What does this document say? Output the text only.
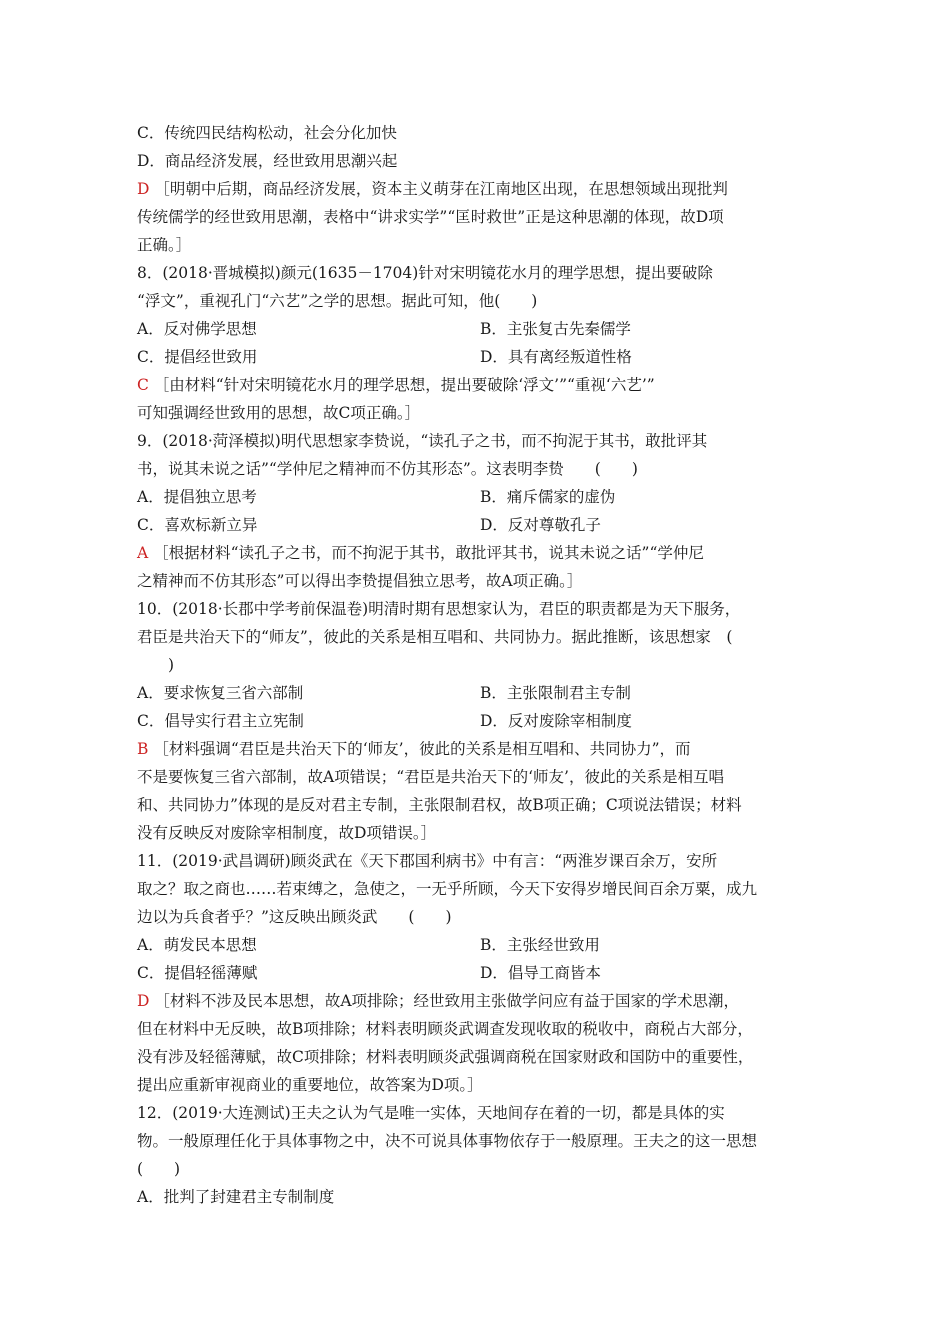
C．传统四民结构松动，社会分化加快
D．商品经济发展，经世致用思潮兴起
D ［明朝中后期，商品经济发展，资本主义萌芽在江南地区出现，在思想领域出现批判
传统儒学的经世致用思潮，表格中“讲求实学”“匡时救世”正是这种思潮的体现，故D项
正确。］
8．(2018·晋城模拟)颜元(1635－1704)针对宋明镜花水月的理学思想，提出要破除
“浮文”，重视孔门“六艺”之学的思想。据此可知，他(　　)
A．反对佛学思想	B．主张复古先秦儒学
C．提倡经世致用	D．具有离经叛道性格
C ［由材料“针对宋明镜花水月的理学思想，提出要破除‘浮文’”“重视‘六艺’”
可知强调经世致用的思想，故C项正确。］
9．(2018·菏泽模拟)明代思想家李贽说，“读孔子之书，而不拘泥于其书，敢批评其
书，说其未说之话”“学仲尼之精神而不仿其形态”。这表明李贽　　(　　)
A．提倡独立思考	B．痛斥儒家的虚伪
C．喜欢标新立异	D．反对尊敬孔子
A ［根据材料“读孔子之书，而不拘泥于其书，敢批评其书，说其未说之话”“学仲尼
之精神而不仿其形态”可以得出李贽提倡独立思考，故A项正确。］
10．(2018·长郡中学考前保温卷)明清时期有思想家认为，君臣的职责都是为天下服务，
君臣是共治天下的“师友”，彼此的关系是相互唱和、共同协力。据此推断，该思想家　(
　　)
A．要求恢复三省六部制	B．主张限制君主专制
C．倡导实行君主立宪制	D．反对废除宰相制度
B ［材料强调“君臣是共治天下的‘师友’，彼此的关系是相互唱和、共同协力”，而
不是要恢复三省六部制，故A项错误；“君臣是共治天下的‘师友’，彼此的关系是相互唱
和、共同协力”体现的是反对君主专制，主张限制君权，故B项正确；C项说法错误；材料
没有反映反对废除宰相制度，故D项错误。］
11．(2019·武昌调研)顾炎武在《天下郡国利病书》中有言：“两淮岁课百余万，安所
取之？取之商也……若束缚之，急使之，一无乎所顾，今天下安得岁增民间百余万粟，成九
边以为兵食者乎？”这反映出顾炎武　　(　　)
A．萌发民本思想	B．主张经世致用
C．提倡轻徭薄赋	D．倡导工商皆本
D ［材料不涉及民本思想，故A项排除；经世致用主张做学问应有益于国家的学术思潮，
但在材料中无反映，故B项排除；材料表明顾炎武调查发现收取的税收中，商税占大部分，
没有涉及轻徭薄赋，故C项排除；材料表明顾炎武强调商税在国家财政和国防中的重要性，
提出应重新审视商业的重要地位，故答案为D项。］
12．(2019·大连测试)王夫之认为气是唯一实体，天地间存在着的一切，都是具体的实
物。一般原理任化于具体事物之中，决不可说具体事物依存于一般原理。王夫之的这一思想
(　　)
A．批判了封建君主专制制度
